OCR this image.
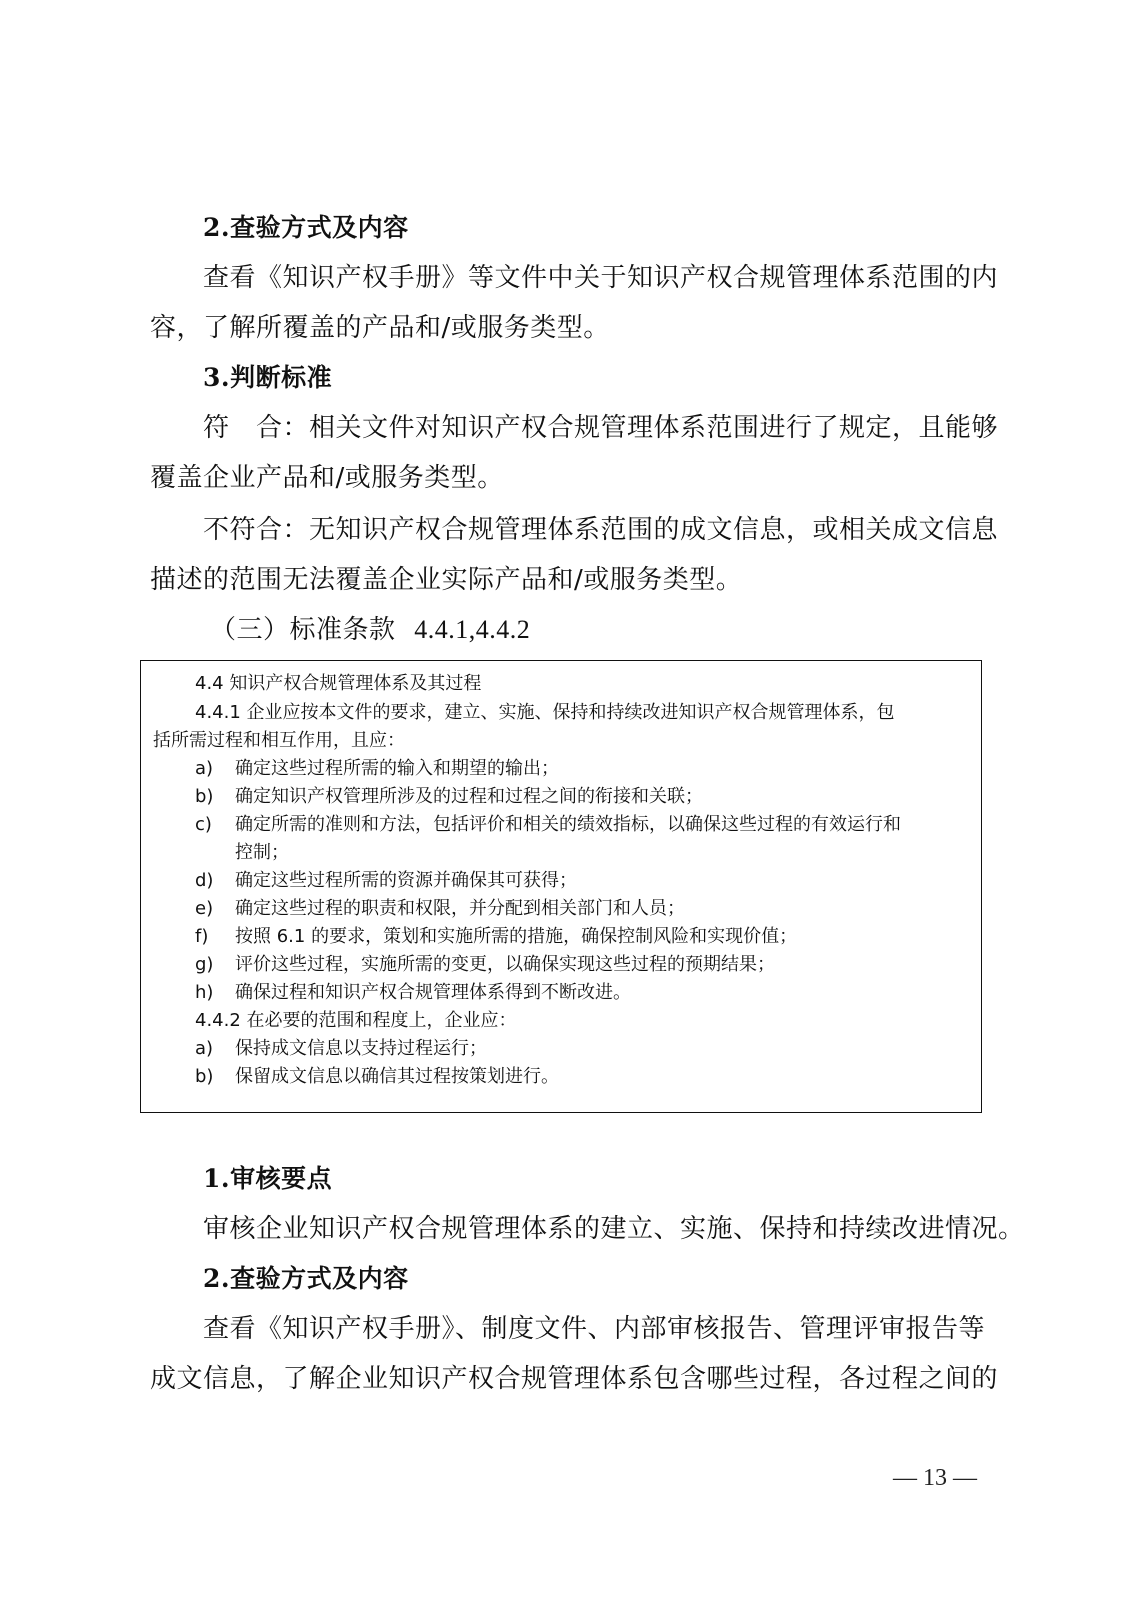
2.查验方式及内容
查看《知识产权手册》等文件中关于知识产权合规管理体系范围的内
容，了解所覆盖的产品和/或服务类型。
3.判断标准
符　合：相关文件对知识产权合规管理体系范围进行了规定，且能够
覆盖企业产品和/或服务类型。
不符合：无知识产权合规管理体系范围的成文信息，或相关成文信息
描述的范围无法覆盖企业实际产品和/或服务类型。
（三）标准条款 4.4.1,4.4.2
4.4 知识产权合规管理体系及其过程
4.4.1 企业应按本文件的要求，建立、实施、保持和持续改进知识产权合规管理体系，包
括所需过程和相互作用，且应：
a) 确定这些过程所需的输入和期望的输出；
b) 确定知识产权管理所涉及的过程和过程之间的衔接和关联；
c) 确定所需的准则和方法，包括评价和相关的绩效指标，以确保这些过程的有效运行和
控制；
d) 确定这些过程所需的资源并确保其可获得；
e) 确定这些过程的职责和权限，并分配到相关部门和人员；
f) 按照 6.1 的要求，策划和实施所需的措施，确保控制风险和实现价值；
g) 评价这些过程，实施所需的变更，以确保实现这些过程的预期结果；
h) 确保过程和知识产权合规管理体系得到不断改进。
4.4.2 在必要的范围和程度上，企业应：
a) 保持成文信息以支持过程运行；
b) 保留成文信息以确信其过程按策划进行。
1.审核要点
审核企业知识产权合规管理体系的建立、实施、保持和持续改进情况。
2.查验方式及内容
查看《知识产权手册》、制度文件、内部审核报告、管理评审报告等
成文信息，了解企业知识产权合规管理体系包含哪些过程，各过程之间的
— 13 —
